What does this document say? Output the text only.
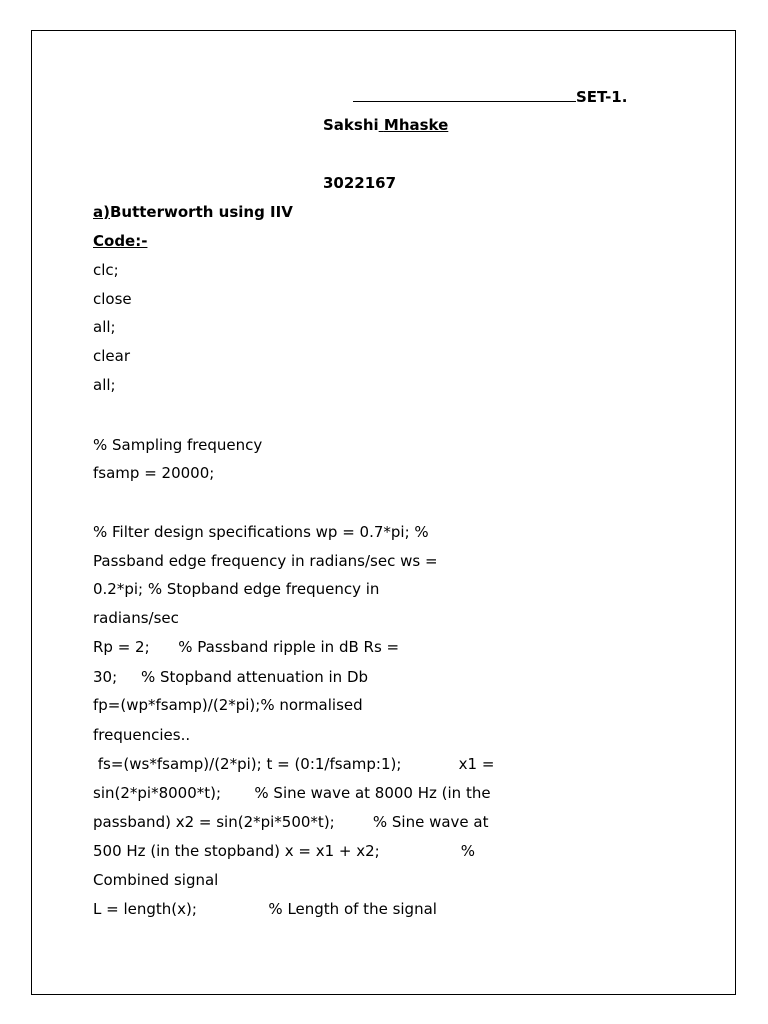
SET-1.
Sakshi Mhaske
3022167
a)Butterworth using IIV
Code:-
clc;
close
all;
clear
all;
% Sampling frequency
fsamp = 20000;
% Filter design specifications wp = 0.7*pi; %
Passband edge frequency in radians/sec ws =
0.2*pi; % Stopband edge frequency in
radians/sec
Rp = 2;      % Passband ripple in dB Rs =
30;     % Stopband attenuation in Db
fp=(wp*fsamp)/(2*pi);% normalised
frequencies..
fs=(ws*fsamp)/(2*pi); t = (0:1/fsamp:1);            x1 =
sin(2*pi*8000*t);       % Sine wave at 8000 Hz (in the
passband) x2 = sin(2*pi*500*t);        % Sine wave at
500 Hz (in the stopband) x = x1 + x2;                 %
Combined signal
L = length(x);               % Length of the signal
